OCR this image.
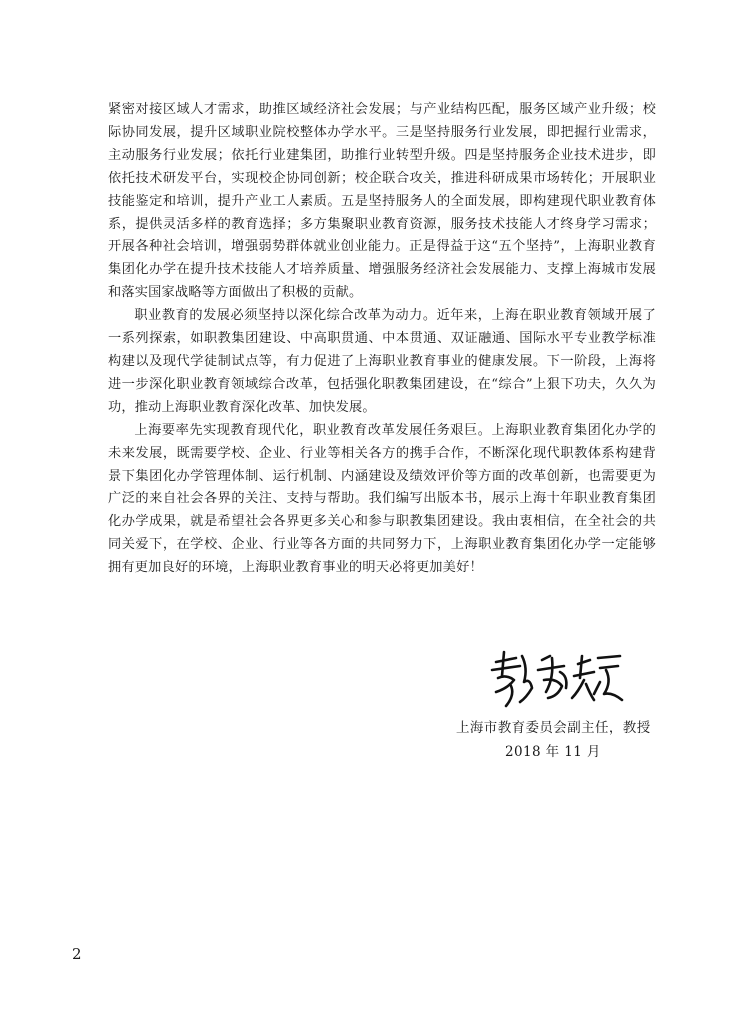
紧密对接区域人才需求，助推区域经济社会发展；与产业结构匹配，服务区域产业升级；校际协同发展，提升区域职业院校整体办学水平。三是坚持服务行业发展，即把握行业需求，主动服务行业发展；依托行业建集团，助推行业转型升级。四是坚持服务企业技术进步，即依托技术研发平台，实现校企协同创新；校企联合攻关，推进科研成果市场转化；开展职业技能鉴定和培训，提升产业工人素质。五是坚持服务人的全面发展，即构建现代职业教育体系，提供灵活多样的教育选择；多方集聚职业教育资源，服务技术技能人才终身学习需求；开展各种社会培训，增强弱势群体就业创业能力。正是得益于这“五个坚持”，上海职业教育集团化办学在提升技术技能人才培养质量、增强服务经济社会发展能力、支撑上海城市发展和落实国家战略等方面做出了积极的贡献。

职业教育的发展必须坚持以深化综合改革为动力。近年来，上海在职业教育领域开展了一系列探索，如职教集团建设、中高职贯通、中本贯通、双证融通、国际水平专业教学标准构建以及现代学徒制试点等，有力促进了上海职业教育事业的健康发展。下一阶段，上海将进一步深化职业教育领域综合改革，包括强化职教集团建设，在“综合”上狠下功夫，久久为功，推动上海职业教育深化改革、加快发展。

上海要率先实现教育现代化，职业教育改革发展任务艰巨。上海职业教育集团化办学的未来发展，既需要学校、企业、行业等相关各方的携手合作，不断深化现代职教体系构建背景下集团化办学管理体制、运行机制、内涵建设及绩效评价等方面的改革创新，也需要更为广泛的来自社会各界的关注、支持与帮助。我们编写出版本书，展示上海十年职业教育集团化办学成果，就是希望社会各界更多关心和参与职教集团建设。我由衷相信，在全社会的共同关爱下，在学校、企业、行业等各方面的共同努力下，上海职业教育集团化办学一定能够拥有更加良好的环境，上海职业教育事业的明天必将更加美好！

上海市教育委员会副主任，教授
2018 年 11 月
2
